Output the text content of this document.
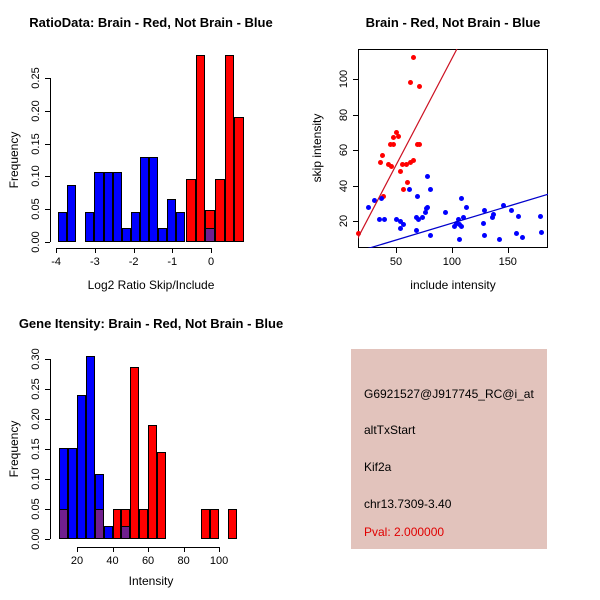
-4	-3	-2	-1	0
0.00
0.05
0.10
0.15
0.20
0.25
50	100	150
20
40
60
80
100
20 40 60 80 100
0.00
0.05
0.10
0.15
0.20
0.25
0.30
RatioData: Brain - Red, Not Brain - Blue	Brain - Red, Not Brain - Blue
Gene Itensity: Brain - Red, Not Brain - Blue
Log2 Ratio Skip/Include
Frequency
include intensity
skip intensity
Intensity
Frequency
G6921527@J917745_RC@i_at
altTxStart
Kif2a
chr13.7309-3.40
Pval: 2.000000
